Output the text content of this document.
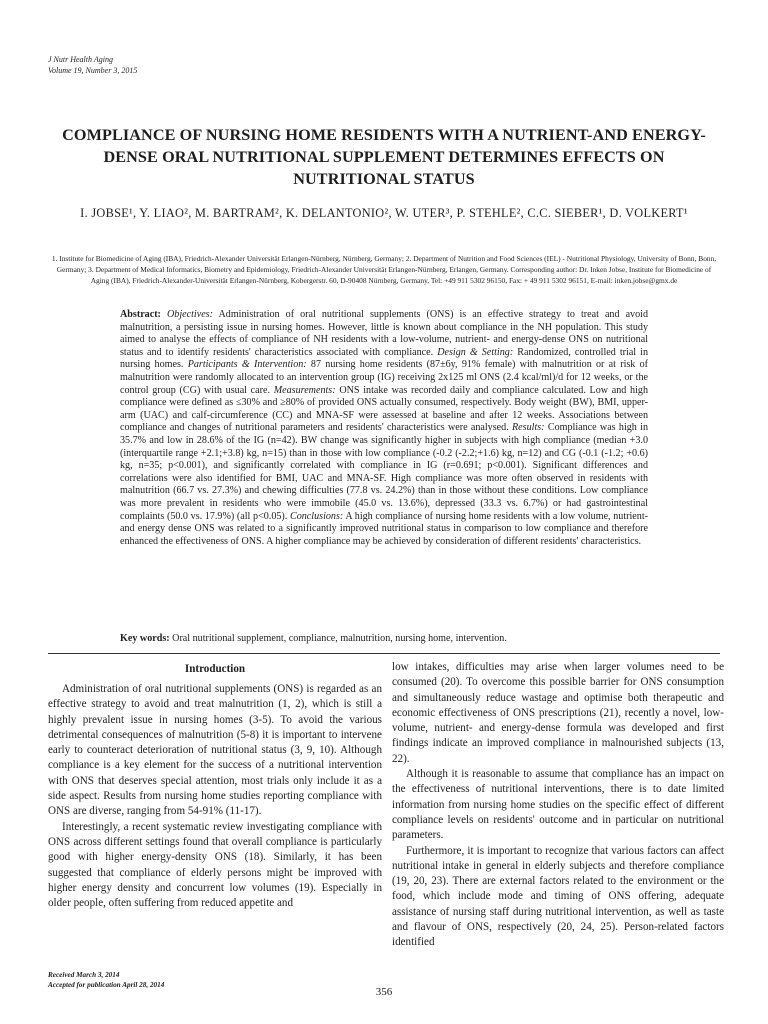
J Nutr Health Aging
Volume 19, Number 3, 2015
COMPLIANCE OF NURSING HOME RESIDENTS WITH A NUTRIENT-AND ENERGY-DENSE ORAL NUTRITIONAL SUPPLEMENT DETERMINES EFFECTS ON NUTRITIONAL STATUS
I. JOBSE¹, Y. LIAO², M. BARTRAM², K. DELANTONIO², W. UTER³, P. STEHLE², C.C. SIEBER¹, D. VOLKERT¹
1. Institute for Biomedicine of Aging (IBA), Friedrich-Alexander Universität Erlangen-Nürnberg, Nürnberg, Germany; 2. Department of Nutrition and Food Sciences (IEL) - Nutritional Physiology, University of Bonn, Bonn, Germany; 3. Department of Medical Informatics, Biometry and Epidemiology, Friedrich-Alexander Universität Erlangen-Nürnberg, Erlangen, Germany. Corresponding author: Dr. Inken Jobse, Institute for Biomedicine of Aging (IBA), Friedrich-Alexander-Universität Erlangen-Nürnberg, Kobergerstr. 60, D-90408 Nürnberg, Germany, Tel: +49 911 5302 96150, Fax: + 49 911 5302 96151, E-mail: inken.jobse@gmx.de
Abstract: Objectives: Administration of oral nutritional supplements (ONS) is an effective strategy to treat and avoid malnutrition, a persisting issue in nursing homes. However, little is known about compliance in the NH population. This study aimed to analyse the effects of compliance of NH residents with a low-volume, nutrient- and energy-dense ONS on nutritional status and to identify residents' characteristics associated with compliance. Design & Setting: Randomized, controlled trial in nursing homes. Participants & Intervention: 87 nursing home residents (87±6y, 91% female) with malnutrition or at risk of malnutrition were randomly allocated to an intervention group (IG) receiving 2x125 ml ONS (2.4 kcal/ml)/d for 12 weeks, or the control group (CG) with usual care. Measurements: ONS intake was recorded daily and compliance calculated. Low and high compliance were defined as ≤30% and ≥80% of provided ONS actually consumed, respectively. Body weight (BW), BMI, upper-arm (UAC) and calf-circumference (CC) and MNA-SF were assessed at baseline and after 12 weeks. Associations between compliance and changes of nutritional parameters and residents' characteristics were analysed. Results: Compliance was high in 35.7% and low in 28.6% of the IG (n=42). BW change was significantly higher in subjects with high compliance (median +3.0 (interquartile range +2.1;+3.8) kg, n=15) than in those with low compliance (-0.2 (-2.2;+1.6) kg, n=12) and CG (-0.1 (-1.2; +0.6) kg, n=35; p<0.001), and significantly correlated with compliance in IG (r=0.691; p<0.001). Significant differences and correlations were also identified for BMI, UAC and MNA-SF. High compliance was more often observed in residents with malnutrition (66.7 vs. 27.3%) and chewing difficulties (77.8 vs. 24.2%) than in those without these conditions. Low compliance was more prevalent in residents who were immobile (45.0 vs. 13.6%), depressed (33.3 vs. 6.7%) or had gastrointestinal complaints (50.0 vs. 17.9%) (all p<0.05). Conclusions: A high compliance of nursing home residents with a low volume, nutrient- and energy dense ONS was related to a significantly improved nutritional status in comparison to low compliance and therefore enhanced the effectiveness of ONS. A higher compliance may be achieved by consideration of different residents' characteristics.
Key words: Oral nutritional supplement, compliance, malnutrition, nursing home, intervention.
Introduction

Administration of oral nutritional supplements (ONS) is regarded as an effective strategy to avoid and treat malnutrition (1, 2), which is still a highly prevalent issue in nursing homes (3-5). To avoid the various detrimental consequences of malnutrition (5-8) it is important to intervene early to counteract deterioration of nutritional status (3, 9, 10). Although compliance is a key element for the success of a nutritional intervention with ONS that deserves special attention, most trials only include it as a side aspect. Results from nursing home studies reporting compliance with ONS are diverse, ranging from 54-91% (11-17).

Interestingly, a recent systematic review investigating compliance with ONS across different settings found that overall compliance is particularly good with higher energy-density ONS (18). Similarly, it has been suggested that compliance of elderly persons might be improved with higher energy density and concurrent low volumes (19). Especially in older people, often suffering from reduced appetite and

low intakes, difficulties may arise when larger volumes need to be consumed (20). To overcome this possible barrier for ONS consumption and simultaneously reduce wastage and optimise both therapeutic and economic effectiveness of ONS prescriptions (21), recently a novel, low-volume, nutrient- and energy-dense formula was developed and first findings indicate an improved compliance in malnourished subjects (13, 22).

Although it is reasonable to assume that compliance has an impact on the effectiveness of nutritional interventions, there is to date limited information from nursing home studies on the specific effect of different compliance levels on residents' outcome and in particular on nutritional parameters.

Furthermore, it is important to recognize that various factors can affect nutritional intake in general in elderly subjects and therefore compliance (19, 20, 23). There are external factors related to the environment or the food, which include mode and timing of ONS offering, adequate assistance of nursing staff during nutritional intervention, as well as taste and flavour of ONS, respectively (20, 24, 25). Person-related factors identified

Received March 3, 2014
Accepted for publication April 28, 2014
356
